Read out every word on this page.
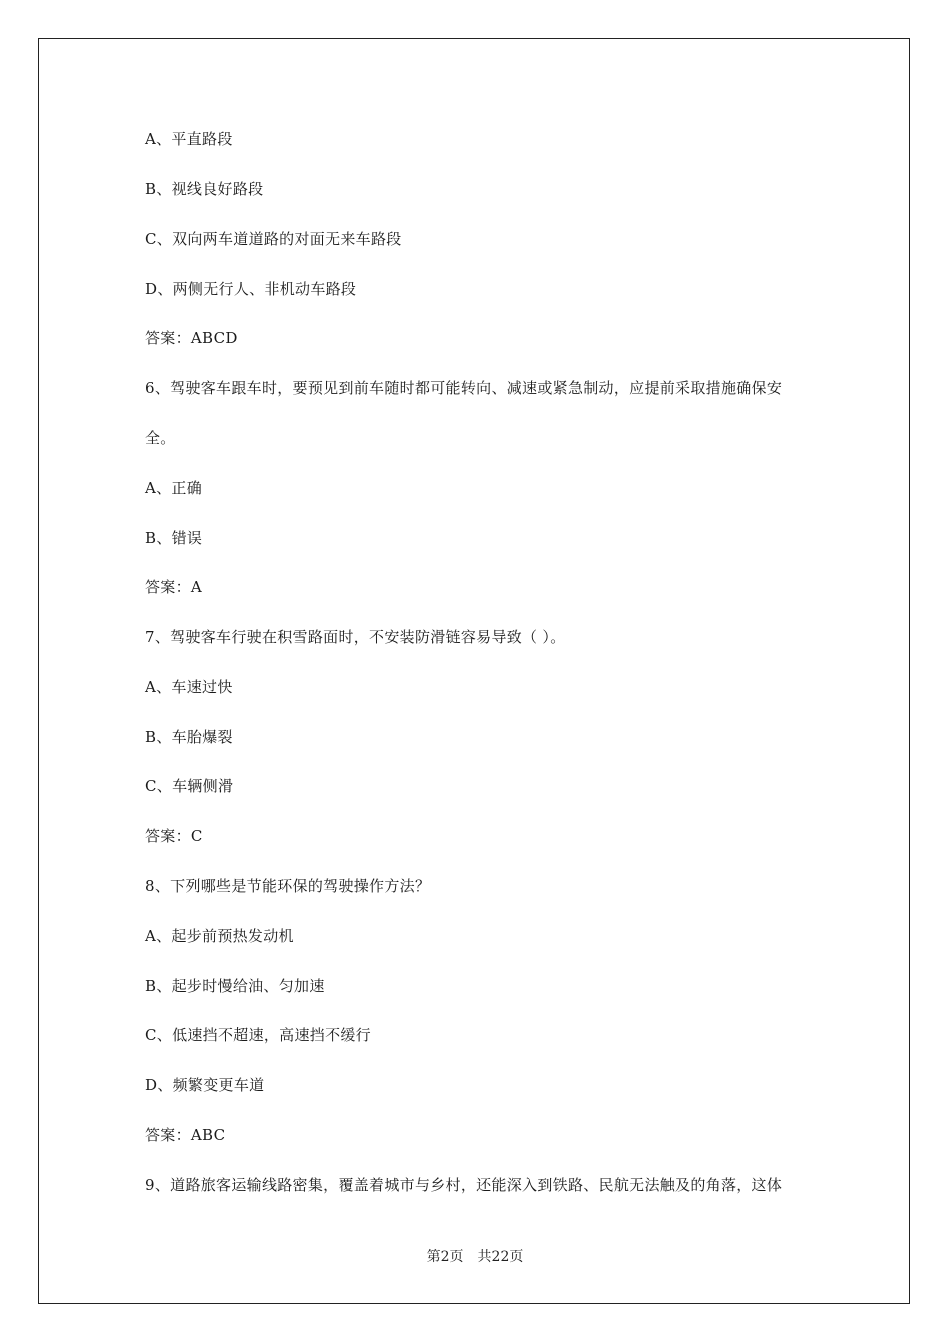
A、平直路段
B、视线良好路段
C、双向两车道道路的对面无来车路段
D、两侧无行人、非机动车路段
答案：ABCD
6、驾驶客车跟车时，要预见到前车随时都可能转向、减速或紧急制动，应提前采取措施确保安
全。
A、正确
B、错误
答案：A
7、驾驶客车行驶在积雪路面时，不安装防滑链容易导致（ ）。
A、车速过快
B、车胎爆裂
C、车辆侧滑
答案：C
8、下列哪些是节能环保的驾驶操作方法？
A、起步前预热发动机
B、起步时慢给油、匀加速
C、低速挡不超速，高速挡不缓行
D、频繁变更车道
答案：ABC
9、道路旅客运输线路密集，覆盖着城市与乡村，还能深入到铁路、民航无法触及的角落，这体
第2页 共22页
